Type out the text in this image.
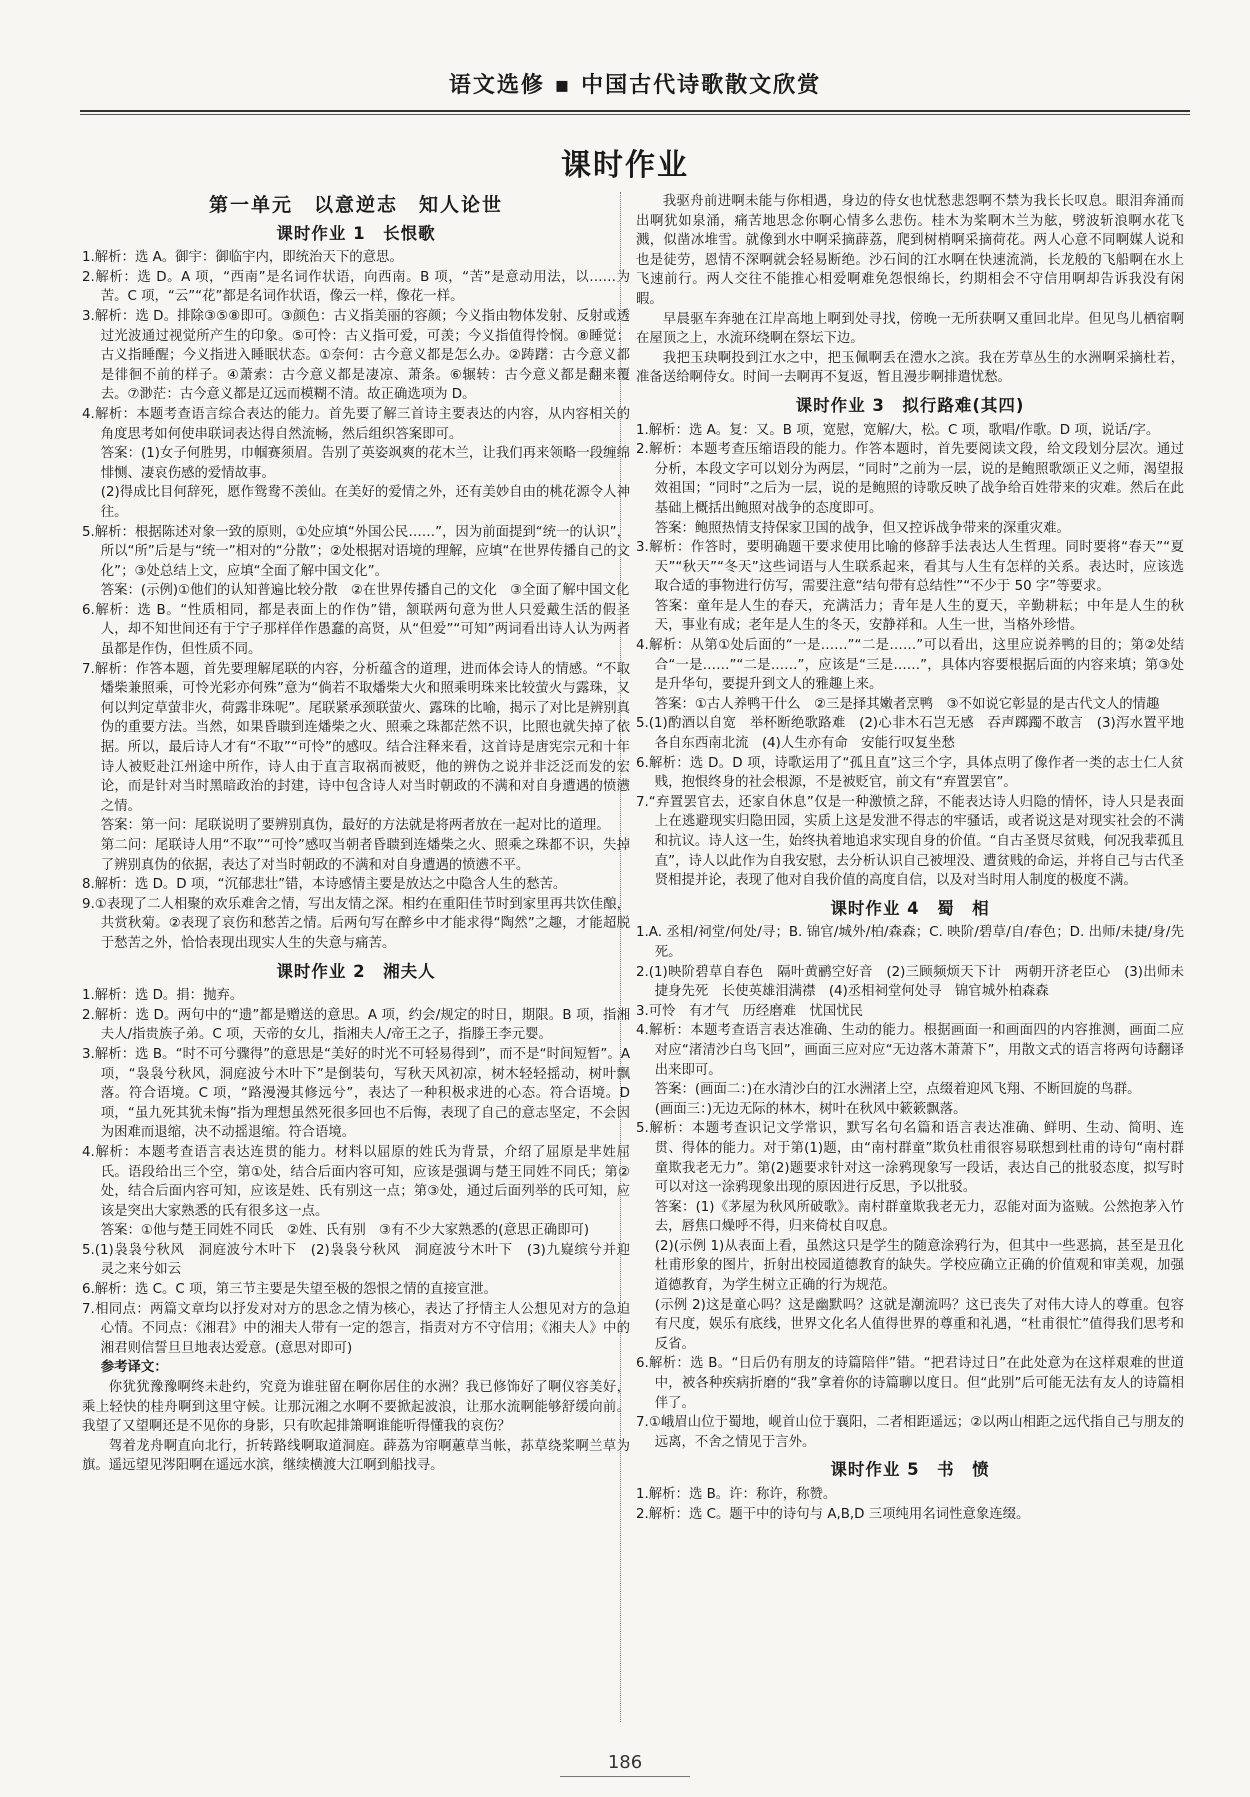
语文选修 ▪ 中国古代诗歌散文欣赏
课时作业
第一单元　以意逆志　知人论世
课时作业 1　长恨歌

1.解析：选 A。御宇：御临宇内，即统治天下的意思。

2.解析：选 D。A 项，“西南”是名词作状语，向西南。B 项，“苦”是意动用法，以……为苦。C 项，“云”“花”都是名词作状语，像云一样，像花一样。

3.解析：选 D。排除③⑤⑧即可。③颜色：古义指美丽的容颜；今义指由物体发射、反射或透过光波通过视觉所产生的印象。⑤可怜：古义指可爱，可羡；今义指值得怜悯。⑧睡觉：古义指睡醒；今义指进入睡眠状态。①奈何：古今意义都是怎么办。②踌躇：古今意义都是徘徊不前的样子。④萧索：古今意义都是凄凉、萧条。⑥辗转：古今意义都是翻来覆去。⑦渺茫：古今意义都是辽远而模糊不清。故正确选项为 D。

4.解析：本题考查语言综合表达的能力。首先要了解三首诗主要表达的内容，从内容相关的角度思考如何使串联词表达得自然流畅，然后组织答案即可。

答案：(1)女子何胜男，巾帼赛须眉。告别了英姿飒爽的花木兰，让我们再来领略一段缠绵悱恻、凄哀伤感的爱情故事。

(2)得成比目何辞死，愿作鸳鸯不羡仙。在美好的爱情之外，还有美妙自由的桃花源令人神往。

5.解析：根据陈述对象一致的原则，①处应填“外国公民……”，因为前面提到“统一的认识”，所以“所”后是与“统一”相对的“分散”；②处根据对语境的理解，应填“在世界传播自己的文化”；③处总结上文，应填“全面了解中国文化”。

答案：(示例)①他们的认知普遍比较分散　②在世界传播自己的文化　③全面了解中国文化

6.解析：选 B。“性质相同，都是表面上的作伪”错，颔联两句意为世人只爱戴生活的假圣人，却不知世间还有于宁子那样佯作愚蠢的高贤，从“但爱”“可知”两词看出诗人认为两者虽都是作伪，但性质不同。

7.解析：作答本题，首先要理解尾联的内容，分析蕴含的道理，进而体会诗人的情感。“不取燔柴兼照乘，可怜光彩亦何殊”意为“倘若不取燔柴大火和照乘明珠来比较萤火与露珠，又何以判定草萤非火，荷露非珠呢”。尾联紧承颈联萤火、露珠的比喻，揭示了对比是辨别真伪的重要方法。当然，如果昏聩到连燔柴之火、照乘之珠都茫然不识，比照也就失掉了依据。所以，最后诗人才有“不取”“可怜”的感叹。结合注释来看，这首诗是唐宪宗元和十年诗人被贬赴江州途中所作，诗人由于直言取祸而被贬，他的辨伪之说并非泛泛而发的宏论，而是针对当时黑暗政治的封建，诗中包含诗人对当时朝政的不满和对自身遭遇的愤懑之情。

答案：第一问：尾联说明了要辨别真伪，最好的方法就是将两者放在一起对比的道理。

第二问：尾联诗人用“不取”“可怜”感叹当朝者昏聩到连燔柴之火、照乘之珠都不识，失掉了辨别真伪的依据，表达了对当时朝政的不满和对自身遭遇的愤懑不平。

8.解析：选 D。D 项，“沉郁悲壮”错，本诗感情主要是放达之中隐含人生的愁苦。

9.①表现了二人相聚的欢乐难舍之情，写出友情之深。相约在重阳佳节时到家里再共饮佳酿，共赏秋菊。②表现了哀伤和愁苦之情。后两句写在醉乡中才能求得“陶然”之趣，才能超脱于愁苦之外，恰恰表现出现实人生的失意与痛苦。

课时作业 2　湘夫人

1.解析：选 D。捐：抛弃。

2.解析：选 D。两句中的“遗”都是赠送的意思。A 项，约会/规定的时日，期限。B 项，指湘夫人/指贵族子弟。C 项，天帝的女儿，指湘夫人/帝王之子，指滕王李元婴。

3.解析：选 B。“时不可兮骤得”的意思是“美好的时光不可轻易得到”，而不是“时间短暂”。A 项，“袅袅兮秋风，洞庭波兮木叶下”是倒装句，写秋天风初凉，树木轻轻摇动，树叶飘落。符合语境。C 项，“路漫漫其修远兮”，表达了一种积极求进的心态。符合语境。D 项，“虽九死其犹未悔”指为理想虽然死很多回也不后悔，表现了自己的意志坚定，不会因为困难而退缩，决不动摇退缩。符合语境。

4.解析：本题考查语言表达连贯的能力。材料以屈原的姓氏为背景，介绍了屈原是芈姓屈氏。语段给出三个空，第①处，结合后面内容可知，应该是强调与楚王同姓不同氏；第②处，结合后面内容可知，应该是姓、氏有别这一点；第③处，通过后面列举的氏可知，应该是突出大家熟悉的氏有很多这一点。

答案：①他与楚王同姓不同氏　②姓、氏有别　③有不少大家熟悉的(意思正确即可)

5.(1)袅袅兮秋风　洞庭波兮木叶下　(2)袅袅兮秋风　洞庭波兮木叶下　(3)九嶷缤兮并迎　灵之来兮如云

6.解析：选 C。C 项，第三节主要是失望至极的怨恨之情的直接宣泄。

7.相同点：两篇文章均以抒发对对方的思念之情为核心，表达了抒情主人公想见对方的急迫心情。不同点：《湘君》中的湘夫人带有一定的怨言，指责对方不守信用；《湘夫人》中的湘君则信誓旦旦地表达爱意。(意思对即可)

参考译文：

你犹犹豫豫啊终未赴约，究竟为谁驻留在啊你居住的水洲？我已修饰好了啊仪容美好，乘上轻快的桂舟啊到这里守候。让那沅湘之水啊不要掀起波浪，让那水流啊能够舒缓向前。我望了又望啊还是不见你的身影，只有吹起排箫啊谁能听得懂我的哀伤？

驾着龙舟啊直向北行，折转路线啊取道洞庭。薜荔为帘啊蕙草当帐，荪草绕桨啊兰草为旗。遥远望见涔阳啊在遥远水滨，继续横渡大江啊到船找寻。

我驱舟前进啊未能与你相遇，身边的侍女也忧愁悲怨啊不禁为我长长叹息。眼泪奔涌而出啊犹如泉涌，痛苦地思念你啊心情多么悲伤。桂木为桨啊木兰为舷，劈波斩浪啊水花飞溅，似凿冰堆雪。就像到水中啊采摘薜荔，爬到树梢啊采摘荷花。两人心意不同啊媒人说和也是徒劳，恩情不深啊就会轻易断绝。沙石间的江水啊在快速流淌，长龙般的飞船啊在水上飞速前行。两人交往不能推心相爱啊难免怨恨绵长，约期相会不守信用啊却告诉我没有闲暇。

早晨驱车奔驰在江岸高地上啊到处寻找，傍晚一无所获啊又重回北岸。但见鸟儿栖宿啊在屋顶之上，水流环绕啊在祭坛下边。

我把玉玦啊投到江水之中，把玉佩啊丢在澧水之滨。我在芳草丛生的水洲啊采摘杜若，准备送给啊侍女。时间一去啊再不复返，暂且漫步啊排遣忧愁。

课时作业 3　拟行路难(其四)

1.解析：选 A。复：又。B 项，宽慰，宽解/大，松。C 项，歌唱/作歌。D 项，说话/字。

2.解析：本题考查压缩语段的能力。作答本题时，首先要阅读文段，给文段划分层次。通过分析，本段文字可以划分为两层，“同时”之前为一层，说的是鲍照歌颂正义之师，渴望报效祖国；“同时”之后为一层，说的是鲍照的诗歌反映了战争给百姓带来的灾难。然后在此基础上概括出鲍照对战争的态度即可。

答案：鲍照热情支持保家卫国的战争，但又控诉战争带来的深重灾难。

3.解析：作答时，要明确题干要求使用比喻的修辞手法表达人生哲理。同时要将“春天”“夏天”“秋天”“冬天”这些词语与人生联系起来，看其与人生有怎样的关系。表达时，应该选取合适的事物进行仿写，需要注意“结句带有总结性”“不少于 50 字”等要求。

答案：童年是人生的春天，充满活力；青年是人生的夏天，辛勤耕耘；中年是人生的秋天，事业有成；老年是人生的冬天，安静祥和。人生一世，当格外珍惜。

4.解析：从第①处后面的“一是……”“二是……”可以看出，这里应说养鸭的目的；第②处结合“一是……”“二是……”，应该是“三是……”，具体内容要根据后面的内容来填；第③处是升华句，要提升到文人的雅趣上来。

答案：①古人养鸭干什么　②三是择其嫩者烹鸭　③不如说它彰显的是古代文人的情趣

5.(1)酌酒以自宽　举杯断绝歌路难　(2)心非木石岂无感　吞声踯躅不敢言　(3)泻水置平地　各自东西南北流　(4)人生亦有命　安能行叹复坐愁

6.解析：选 D。D 项，诗歌运用了“孤且直”这三个字，具体点明了像作者一类的志士仁人贫贱，抱恨终身的社会根源，不是被贬官，前文有“弃置罢官”。

7.“弃置罢官去，还家自休息”仅是一种激愤之辞，不能表达诗人归隐的情怀，诗人只是表面上在逃避现实归隐田园，实质上这是发泄不得志的牢骚话，或者说这是对现实社会的不满和抗议。诗人这一生，始终执着地追求实现自身的价值。“自古圣贤尽贫贱，何况我辈孤且直”，诗人以此作为自我安慰，去分析认识自己被埋没、遭贫贱的命运，并将自己与古代圣贤相提并论，表现了他对自我价值的高度自信，以及对当时用人制度的极度不满。

课时作业 4　蜀　相

1.A. 丞相/祠堂/何处/寻；B. 锦官/城外/柏/森森；C. 映阶/碧草/自/春色；D. 出师/未捷/身/先死。

2.(1)映阶碧草自春色　隔叶黄鹂空好音　(2)三顾频烦天下计　两朝开济老臣心　(3)出师未捷身先死　长使英雄泪满襟　(4)丞相祠堂何处寻　锦官城外柏森森

3.可怜　有才气　历经磨难　忧国忧民

4.解析：本题考查语言表达准确、生动的能力。根据画面一和画面四的内容推测，画面二应对应“渚清沙白鸟飞回”，画面三应对应“无边落木萧萧下”，用散文式的语言将两句诗翻译出来即可。

答案：(画面二：)在水清沙白的江水洲渚上空，点缀着迎风飞翔、不断回旋的鸟群。

(画面三：)无边无际的林木，树叶在秋风中簌簌飘落。

5.解析：本题考查识记文学常识，默写名句名篇和语言表达准确、鲜明、生动、简明、连贯、得体的能力。对于第(1)题，由“南村群童”欺负杜甫很容易联想到杜甫的诗句“南村群童欺我老无力”。第(2)题要求针对这一涂鸦现象写一段话，表达自己的批驳态度，拟写时可以对这一涂鸦现象出现的原因进行反思，予以批驳。

答案：(1)《茅屋为秋风所破歌》。南村群童欺我老无力，忍能对面为盗贼。公然抱茅入竹去，唇焦口燥呼不得，归来倚杖自叹息。

(2)(示例 1)从表面上看，虽然这只是学生的随意涂鸦行为，但其中一些恶搞，甚至是丑化杜甫形象的图片，折射出校园道德教育的缺失。学校应确立正确的价值观和审美观，加强道德教育，为学生树立正确的行为规范。

(示例 2)这是童心吗？这是幽默吗？这就是潮流吗？这已丧失了对伟大诗人的尊重。包容有尺度，娱乐有底线，世界文化名人值得世界的尊重和礼遇，“杜甫很忙”值得我们思考和反省。

6.解析：选 B。“日后仍有朋友的诗篇陪伴”错。“把君诗过日”在此处意为在这样艰难的世道中，被各种疾病折磨的“我”拿着你的诗篇聊以度日。但“此别”后可能无法有友人的诗篇相伴了。

7.①峨眉山位于蜀地，岘首山位于襄阳，二者相距遥远；②以两山相距之远代指自己与朋友的远离，不舍之情见于言外。

课时作业 5　书　愤

1.解析：选 B。许：称许，称赞。

2.解析：选 C。题干中的诗句与 A,B,D 三项纯用名词性意象连缀。

186
